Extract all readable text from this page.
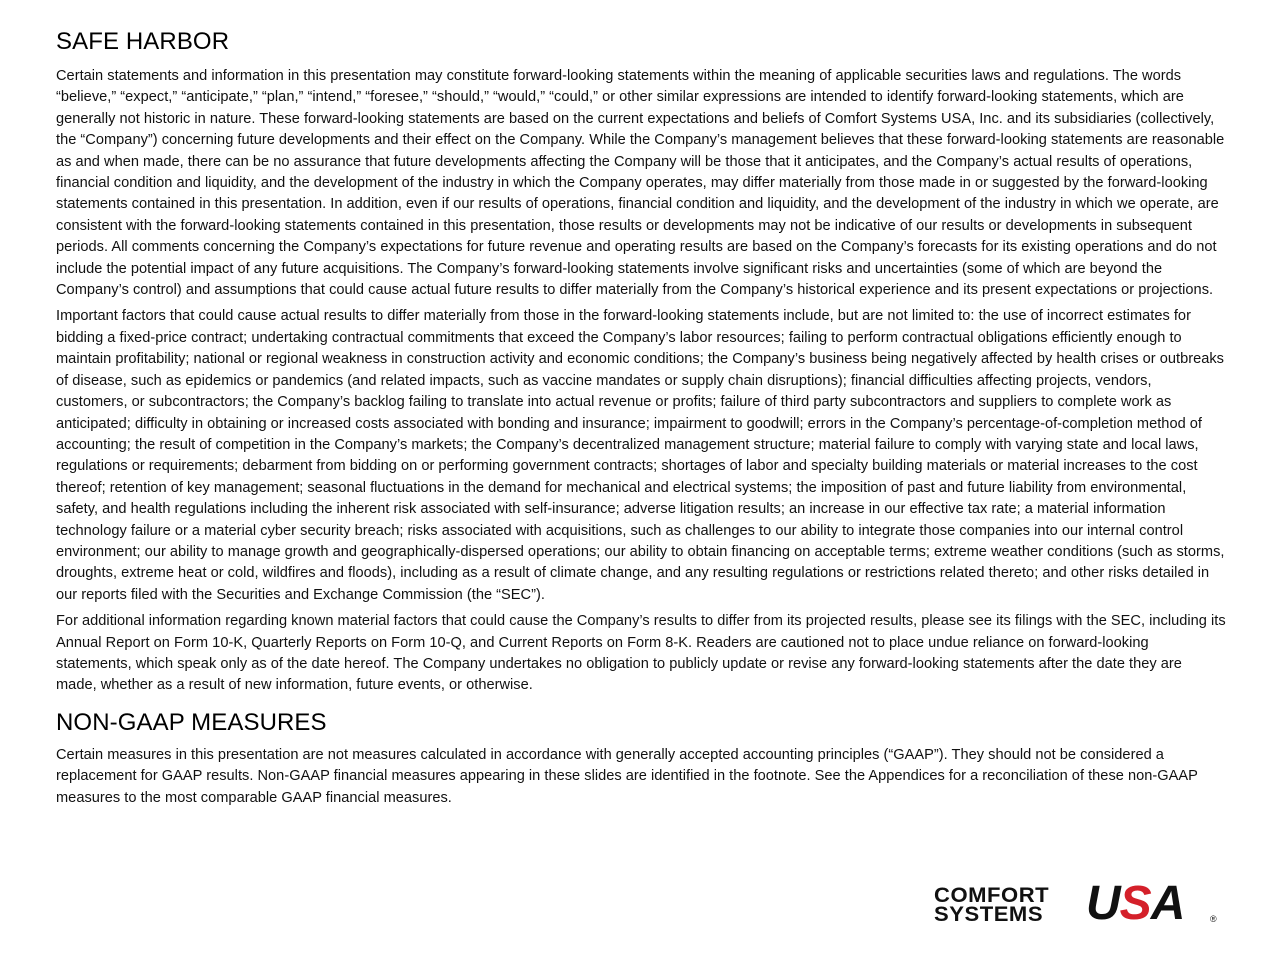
SAFE HARBOR

Certain statements and information in this presentation may constitute forward-looking statements within the meaning of applicable securities laws and regulations. The words “believe,” “expect,” “anticipate,” “plan,” “intend,” “foresee,” “should,” “would,” “could,” or other similar expressions are intended to identify forward-looking statements, which are generally not historic in nature. These forward-looking statements are based on the current expectations and beliefs of Comfort Systems USA, Inc. and its subsidiaries (collectively, the “Company”) concerning future developments and their effect on the Company. While the Company’s management believes that these forward-looking statements are reasonable as and when made, there can be no assurance that future developments affecting the Company will be those that it anticipates, and the Company’s actual results of operations, financial condition and liquidity, and the development of the industry in which the Company operates, may differ materially from those made in or suggested by the forward-looking statements contained in this presentation. In addition, even if our results of operations, financial condition and liquidity, and the development of the industry in which we operate, are consistent with the forward-looking statements contained in this presentation, those results or developments may not be indicative of our results or developments in subsequent periods. All comments concerning the Company’s expectations for future revenue and operating results are based on the Company’s forecasts for its existing operations and do not include the potential impact of any future acquisitions. The Company’s forward-looking statements involve significant risks and uncertainties (some of which are beyond the Company’s control) and assumptions that could cause actual future results to differ materially from the Company’s historical experience and its present expectations or projections.

Important factors that could cause actual results to differ materially from those in the forward-looking statements include, but are not limited to: the use of incorrect estimates for bidding a fixed-price contract; undertaking contractual commitments that exceed the Company’s labor resources; failing to perform contractual obligations efficiently enough to maintain profitability; national or regional weakness in construction activity and economic conditions; the Company’s business being negatively affected by health crises or outbreaks of disease, such as epidemics or pandemics (and related impacts, such as vaccine mandates or supply chain disruptions); financial difficulties affecting projects, vendors, customers, or subcontractors; the Company’s backlog failing to translate into actual revenue or profits; failure of third party subcontractors and suppliers to complete work as anticipated; difficulty in obtaining or increased costs associated with bonding and insurance; impairment to goodwill; errors in the Company’s percentage-of-completion method of accounting; the result of competition in the Company’s markets; the Company’s decentralized management structure; material failure to comply with varying state and local laws, regulations or requirements; debarment from bidding on or performing government contracts; shortages of labor and specialty building materials or material increases to the cost thereof; retention of key management; seasonal fluctuations in the demand for mechanical and electrical systems; the imposition of past and future liability from environmental, safety, and health regulations including the inherent risk associated with self-insurance; adverse litigation results; an increase in our effective tax rate; a material information technology failure or a material cyber security breach; risks associated with acquisitions, such as challenges to our ability to integrate those companies into our internal control environment; our ability to manage growth and geographically-dispersed operations; our ability to obtain financing on acceptable terms; extreme weather conditions (such as storms, droughts, extreme heat or cold, wildfires and floods), including as a result of climate change, and any resulting regulations or restrictions related thereto; and other risks detailed in our reports filed with the Securities and Exchange Commission (the “SEC”).

For additional information regarding known material factors that could cause the Company’s results to differ from its projected results, please see its filings with the SEC, including its Annual Report on Form 10-K, Quarterly Reports on Form 10-Q, and Current Reports on Form 8-K. Readers are cautioned not to place undue reliance on forward-looking statements, which speak only as of the date hereof. The Company undertakes no obligation to publicly update or revise any forward-looking statements after the date they are made, whether as a result of new information, future events, or otherwise.

NON-GAAP MEASURES

Certain measures in this presentation are not measures calculated in accordance with generally accepted accounting principles (“GAAP”). They should not be considered a replacement for GAAP results. Non-GAAP financial measures appearing in these slides are identified in the footnote. See the Appendices for a reconciliation of these non-GAAP measures to the most comparable GAAP financial measures.

COMFORT
SYSTEMS USA	®
